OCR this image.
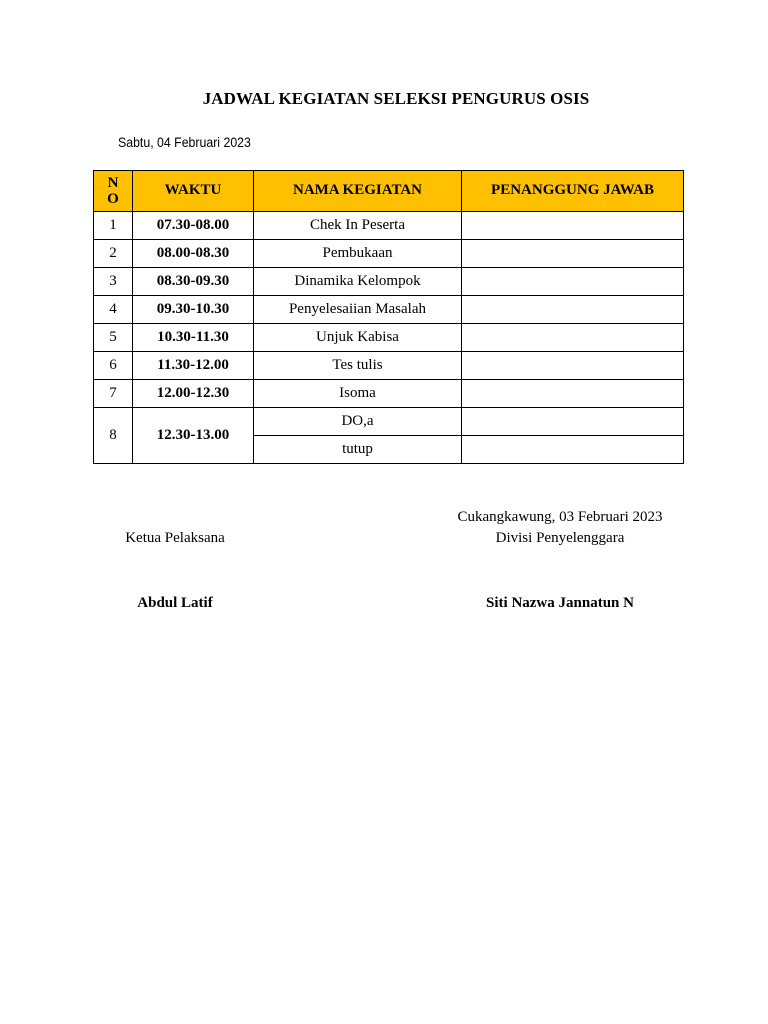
JADWAL KEGIATAN SELEKSI PENGURUS OSIS
Sabtu, 04 Februari 2023
N O	WAKTU	NAMA KEGIATAN	PENANGGUNG JAWAB
1	07.30-08.00	Chek In Peserta	
2	08.00-08.30	Pembukaan	
3	08.30-09.30	Dinamika Kelompok	
4	09.30-10.30	Penyelesaiian Masalah	
5	10.30-11.30	Unjuk Kabisa	
6	11.30-12.00	Tes tulis	
7	12.00-12.30	Isoma	
8	12.30-13.00	DO,a	
		tutup	
Cukangkawung, 03 Februari 2023
Ketua Pelaksana	Divisi Penyelenggara
Abdul Latif	Siti Nazwa Jannatun N
